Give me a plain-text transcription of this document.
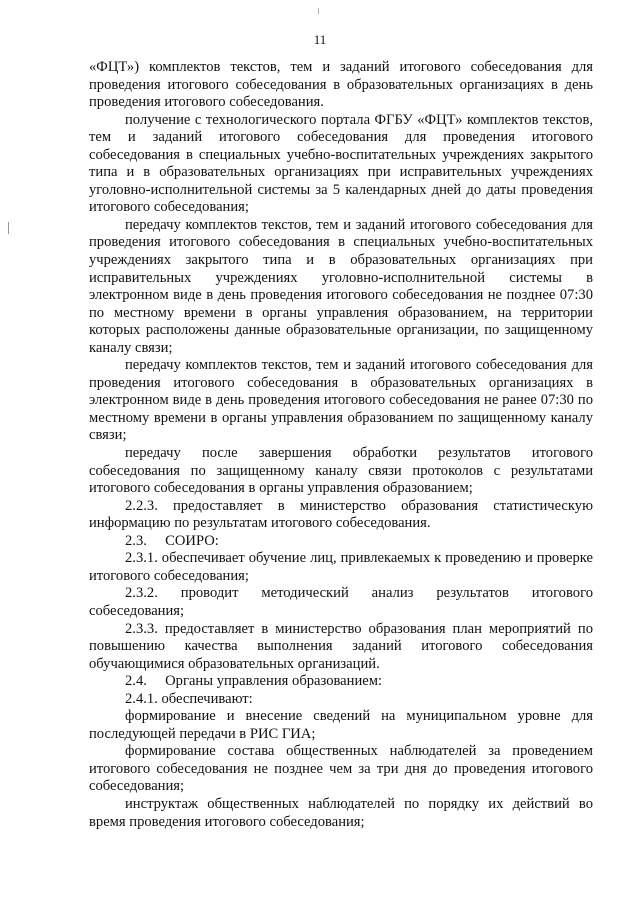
11

«ФЦТ») комплектов текстов, тем и заданий итогового собеседования для проведения итогового собеседования в образовательных организациях в день проведения итогового собеседования.

получение с технологического портала ФГБУ «ФЦТ» комплектов текстов, тем и заданий итогового собеседования для проведения итогового собеседования в специальных учебно-воспитательных учреждениях закрытого типа и в образовательных организациях при исправительных учреждениях уголовно-исполнительной системы за 5 календарных дней до даты проведения итогового собеседования;

передачу комплектов текстов, тем и заданий итогового собеседования для проведения итогового собеседования в специальных учебно-воспитательных учреждениях закрытого типа и в образовательных организациях при исправительных учреждениях уголовно-исполнительной системы в электронном виде в день проведения итогового собеседования не позднее 07:30 по местному времени в органы управления образованием, на территории которых расположены данные образовательные организации, по защищенному каналу связи;

передачу комплектов текстов, тем и заданий итогового собеседования для проведения итогового собеседования в образовательных организациях в электронном виде в день проведения итогового собеседования не ранее 07:30 по местному времени в органы управления образованием по защищенному каналу связи;

передачу после завершения обработки результатов итогового собеседования по защищенному каналу связи протоколов с результатами итогового собеседования в органы управления образованием;

2.2.3. предоставляет в министерство образования статистическую информацию по результатам итогового собеседования.

2.3.     СОИРО:

2.3.1. обеспечивает обучение лиц, привлекаемых к проведению и проверке итогового собеседования;

2.3.2. проводит методический анализ результатов итогового собеседования;

2.3.3. предоставляет в министерство образования план мероприятий по повышению качества выполнения заданий итогового собеседования обучающимися образовательных организаций.

2.4.     Органы управления образованием:

2.4.1. обеспечивают:

формирование и внесение сведений на муниципальном уровне для последующей передачи в РИС ГИА;

формирование состава общественных наблюдателей за проведением итогового собеседования не позднее чем за три дня до проведения итогового собеседования;

инструктаж общественных наблюдателей по порядку их действий во время проведения итогового собеседования;
